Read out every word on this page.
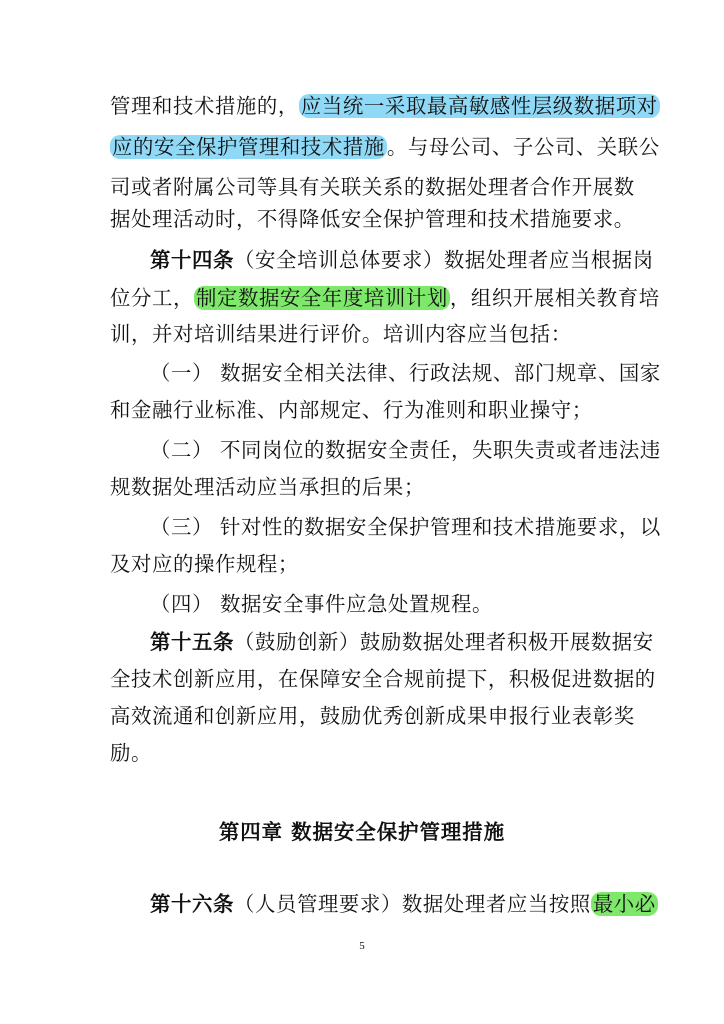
管理和技术措施的，应当统一采取最高敏感性层级数据项对
应的安全保护管理和技术措施。与母公司、子公司、关联公
司或者附属公司等具有关联关系的数据处理者合作开展数
据处理活动时，不得降低安全保护管理和技术措施要求。
第十四条（安全培训总体要求）数据处理者应当根据岗
位分工，制定数据安全年度培训计划，组织开展相关教育培
训，并对培训结果进行评价。培训内容应当包括：
（一） 数据安全相关法律、行政法规、部门规章、国家
和金融行业标准、内部规定、行为准则和职业操守；
（二） 不同岗位的数据安全责任，失职失责或者违法违
规数据处理活动应当承担的后果；
（三） 针对性的数据安全保护管理和技术措施要求，以
及对应的操作规程；
（四） 数据安全事件应急处置规程。
第十五条（鼓励创新）鼓励数据处理者积极开展数据安
全技术创新应用，在保障安全合规前提下，积极促进数据的
高效流通和创新应用，鼓励优秀创新成果申报行业表彰奖
励。
第四章 数据安全保护管理措施
第十六条（人员管理要求）数据处理者应当按照最小必
5
